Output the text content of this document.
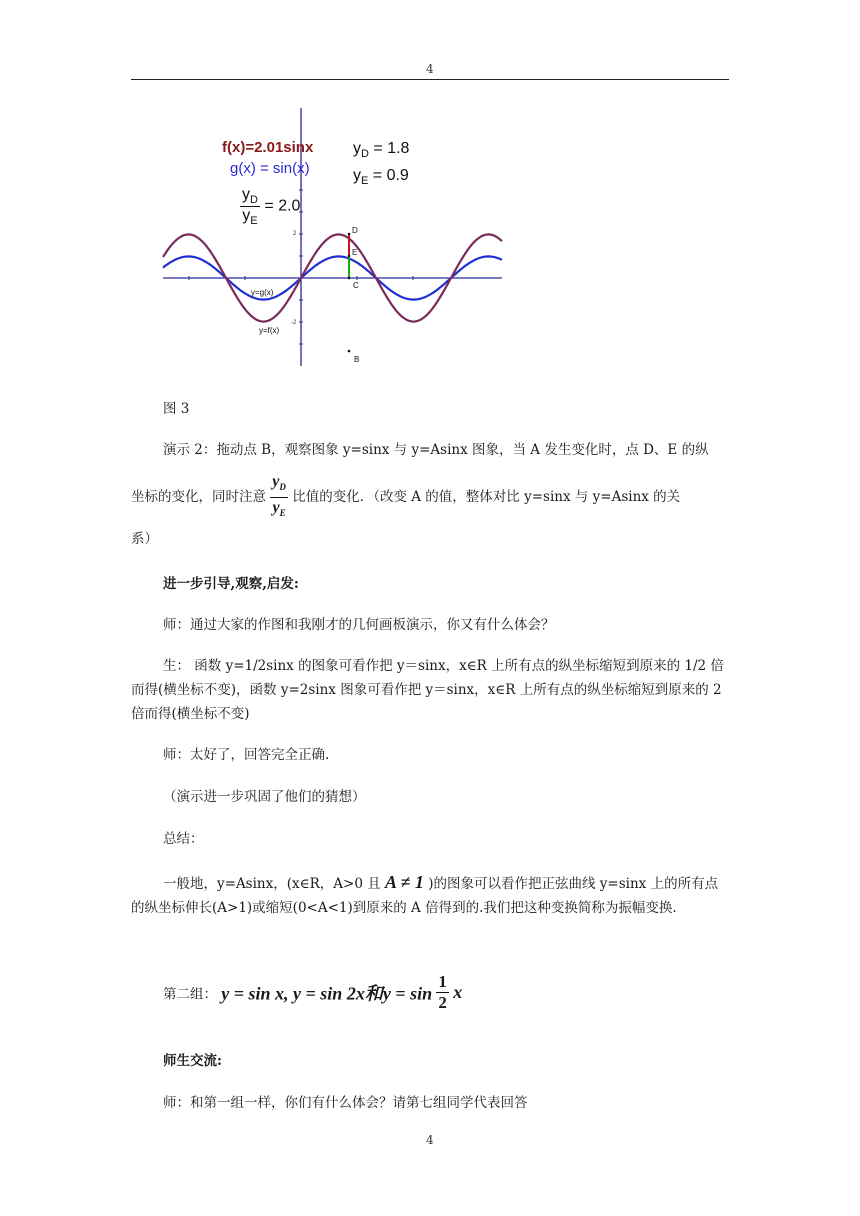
4
D
E
C
B
y=g(x)
y=f(x)
2
-2
f(x)=2.01sinx
g(x) = sin(x)
$y_D = 1.8$
$y_E = 0.9$
$\frac{y_D}{y_E} = 2.0$
图 3
演示 2：拖动点 B，观察图象 y=sinx 与 y=Asinx 图象，当 A 发生变化时，点 D、E 的纵
坐标的变化，同时注意 $\frac{y_D}{y_E}$ 比值的变化．（改变 A 的值，整体对比 y=sinx 与 y=Asinx 的关
系）
进一步引导,观察,启发:
师：通过大家的作图和我刚才的几何画板演示，你又有什么体会？
生： 函数 y=1/2sinx 的图象可看作把 y＝sinx，x∈R 上所有点的纵坐标缩短到原来的 1/2 倍而得(横坐标不变)，函数 y=2sinx 图象可看作把 y＝sinx，x∈R 上所有点的纵坐标缩短到原来的 2 倍而得(横坐标不变)
师：太好了，回答完全正确.
（演示进一步巩固了他们的猜想）
总结：
一般地，y=Asinx，(x∈R，A>0 且 A ≠ 1 )的图象可以看作把正弦曲线 y=sinx 上的所有点的纵坐标伸长(A>1)或缩短(0<A<1)到原来的 A 倍得到的.我们把这种变换简称为振幅变换.
第二组： y = sin x, y = sin 2x和$y = \sin \frac{1}{2}$ x
师生交流:
师：和第一组一样，你们有什么体会？请第七组同学代表回答
4
